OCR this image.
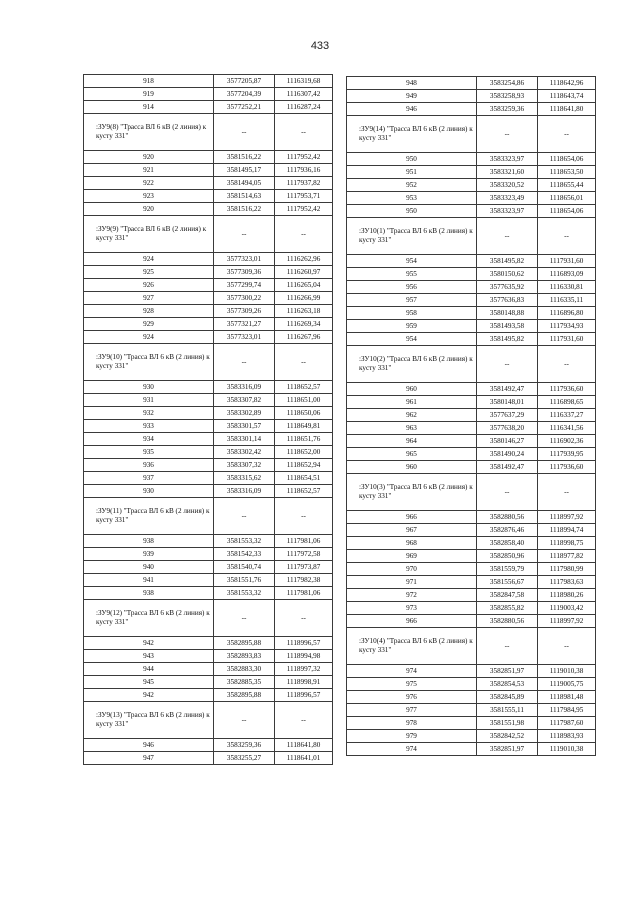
433
918	3577205,87	1116319,68
919	3577204,39	1116307,42
914	3577252,21	1116287,24
:ЗУ9(8) "Трасса ВЛ 6 кВ (2 линия) к кусту 331"	--	--
920	3581516,22	1117952,42
921	3581495,17	1117936,16
922	3581494,05	1117937,82
923	3581514,63	1117953,71
920	3581516,22	1117952,42
:ЗУ9(9) "Трасса ВЛ 6 кВ (2 линия) к кусту 331"	--	--
924	3577323,01	1116262,96
925	3577309,36	1116260,97
926	3577299,74	1116265,04
927	3577300,22	1116266,99
928	3577309,26	1116263,18
929	3577321,27	1116269,34
924	3577323,01	1116267,96
:ЗУ9(10) "Трасса ВЛ 6 кВ (2 линия) к кусту 331"	--	--
930	3583316,09	1118652,57
931	3583307,82	1118651,00
932	3583302,89	1118650,06
933	3583301,57	1118649,81
934	3583301,14	1118651,76
935	3583302,42	1118652,00
936	3583307,32	1118652,94
937	3583315,62	1118654,51
930	3583316,09	1118652,57
:ЗУ9(11) "Трасса ВЛ 6 кВ (2 линия) к кусту 331"	--	--
938	3581553,32	1117981,06
939	3581542,33	1117972,58
940	3581540,74	1117973,87
941	3581551,76	1117982,38
938	3581553,32	1117981,06
:ЗУ9(12) "Трасса ВЛ 6 кВ (2 линия) к кусту 331"	--	--
942	3582895,88	1118996,57
943	3582893,83	1118994,98
944	3582883,30	1118997,32
945	3582885,35	1118998,91
942	3582895,88	1118996,57
:ЗУ9(13) "Трасса ВЛ 6 кВ (2 линия) к кусту 331"	--	--
946	3583259,36	1118641,80
947	3583255,27	1118641,01
948	3583254,86	1118642,96
949	3583258,93	1118643,74
946	3583259,36	1118641,80
:ЗУ9(14) "Трасса ВЛ 6 кВ (2 линия) к кусту 331"	--	--
950	3583323,97	1118654,06
951	3583321,60	1118653,50
952	3583320,52	1118655,44
953	3583323,49	1118656,01
950	3583323,97	1118654,06
:ЗУ10(1) "Трасса ВЛ 6 кВ (2 линия) к кусту 331"	--	--
954	3581495,82	1117931,60
955	3580150,62	1116893,09
956	3577635,92	1116330,81
957	3577636,83	1116335,11
958	3580148,88	1116896,80
959	3581493,58	1117934,93
954	3581495,82	1117931,60
:ЗУ10(2) "Трасса ВЛ 6 кВ (2 линия) к кусту 331"	--	--
960	3581492,47	1117936,60
961	3580148,01	1116898,65
962	3577637,29	1116337,27
963	3577638,20	1116341,56
964	3580146,27	1116902,36
965	3581490,24	1117939,95
960	3581492,47	1117936,60
:ЗУ10(3) "Трасса ВЛ 6 кВ (2 линия) к кусту 331"	--	--
966	3582880,56	1118997,92
967	3582876,46	1118994,74
968	3582858,40	1118998,75
969	3582850,96	1118977,82
970	3581559,79	1117980,99
971	3581556,67	1117983,63
972	3582847,58	1118980,26
973	3582855,82	1119003,42
966	3582880,56	1118997,92
:ЗУ10(4) "Трасса ВЛ 6 кВ (2 линия) к кусту 331"	--	--
974	3582851,97	1119010,38
975	3582854,53	1119005,75
976	3582845,89	1118981,48
977	3581555,11	1117984,95
978	3581551,98	1117987,60
979	3582842,52	1118983,93
974	3582851,97	1119010,38
